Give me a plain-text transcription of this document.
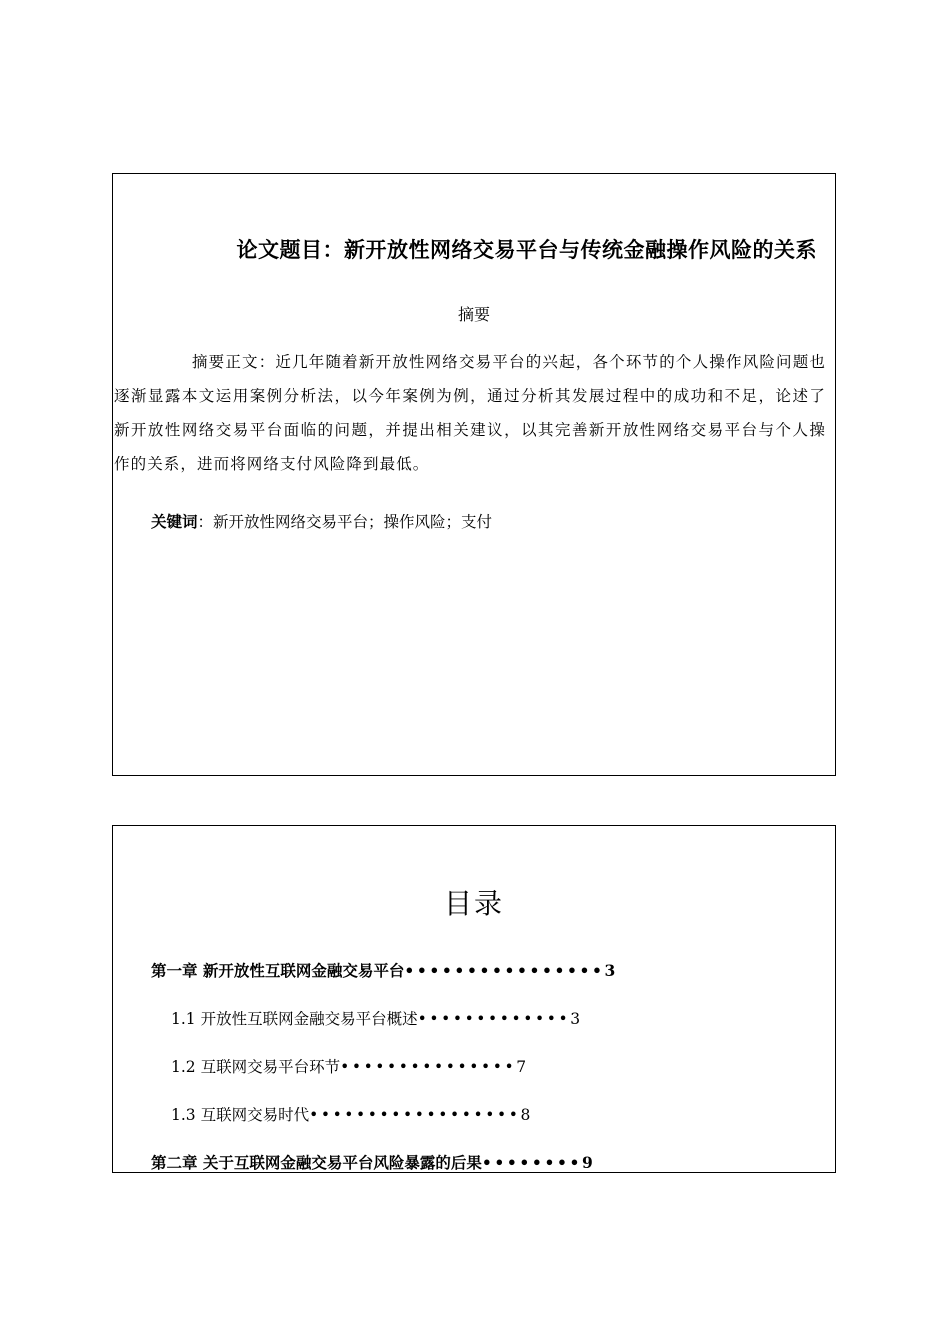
论文题目：新开放性网络交易平台与传统金融操作风险的关系
摘要

摘要正文：近几年随着新开放性网络交易平台的兴起，各个环节的个人操作风险问题也逐渐显露本文运用案例分析法，以今年案例为例，通过分析其发展过程中的成功和不足，论述了新开放性网络交易平台面临的问题，并提出相关建议，以其完善新开放性网络交易平台与个人操作的关系，进而将网络支付风险降到最低。

关键词：新开放性网络交易平台；操作风险；支付
目录
第一章 新开放性互联网金融交易平台••••••••••••••••3
1.1 开放性互联网金融交易平台概述•••••••••••••3
1.2 互联网交易平台环节•••••••••••••••7
1.3 互联网交易时代••••••••••••••••••8
第二章 关于互联网金融交易平台风险暴露的后果••••••••9
